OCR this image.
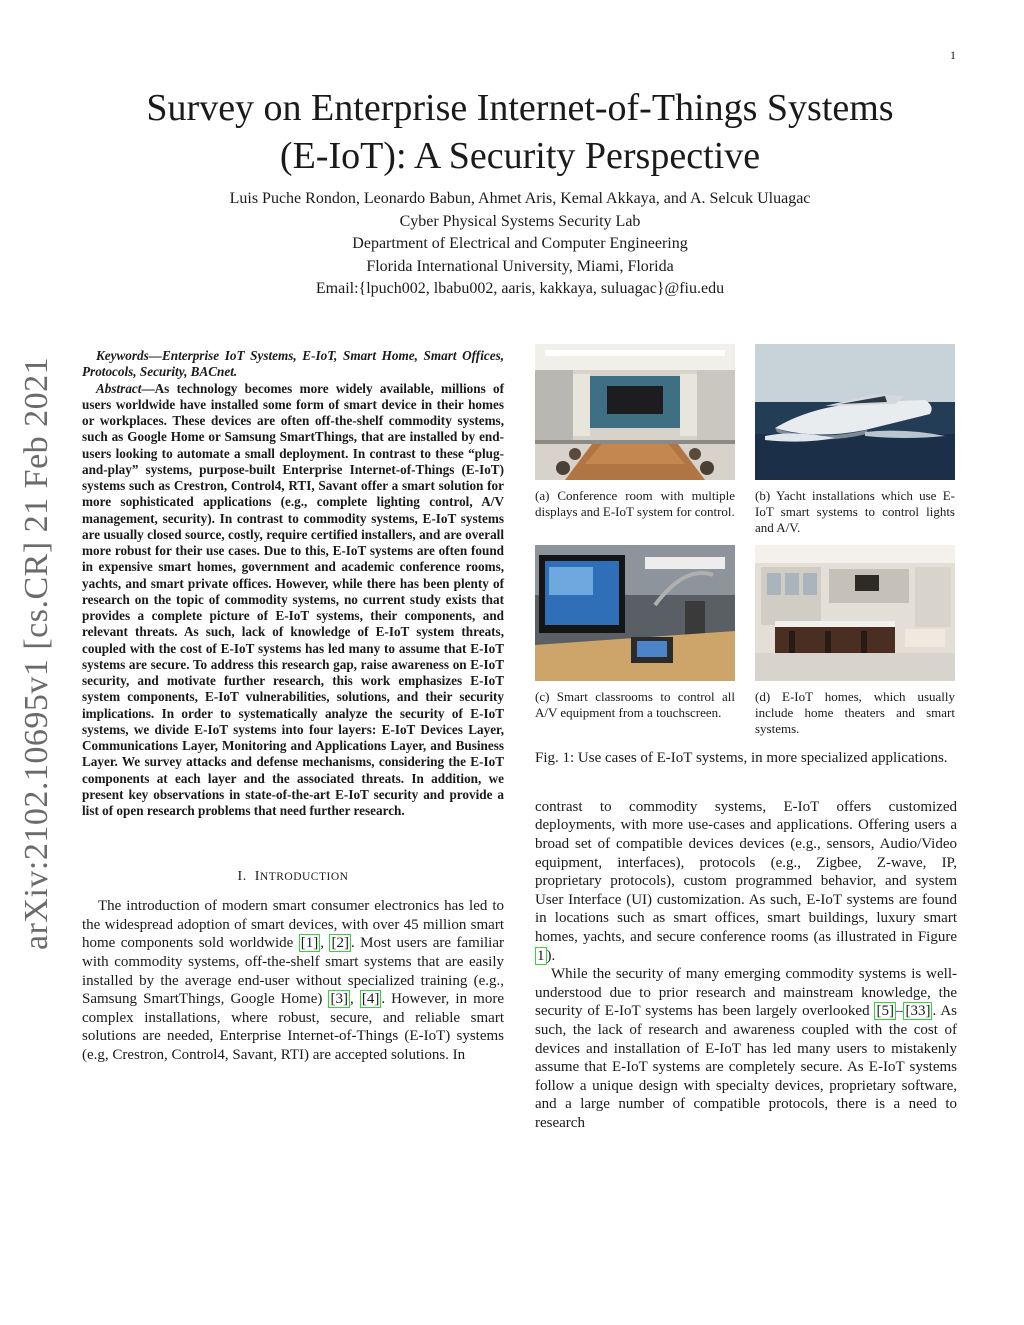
1
arXiv:2102.10695v1 [cs.CR] 21 Feb 2021
Survey on Enterprise Internet-of-Things Systems
(E-IoT): A Security Perspective
Luis Puche Rondon, Leonardo Babun, Ahmet Aris, Kemal Akkaya, and A. Selcuk Uluagac
Cyber Physical Systems Security Lab
Department of Electrical and Computer Engineering
Florida International University, Miami, Florida
Email:{lpuch002, lbabu002, aaris, kakkaya, suluagac}@fiu.edu

Keywords—Enterprise IoT Systems, E-IoT, Smart Home, Smart Offices, Protocols, Security, BACnet.

Abstract—As technology becomes more widely available, millions of users worldwide have installed some form of smart device in their homes or workplaces. These devices are often off-the-shelf commodity systems, such as Google Home or Samsung SmartThings, that are installed by end-users looking to automate a small deployment. In contrast to these “plug-and-play” systems, purpose-built Enterprise Internet-of-Things (E-IoT) systems such as Crestron, Control4, RTI, Savant offer a smart solution for more sophisticated applications (e.g., complete lighting control, A/V management, security). In contrast to commodity systems, E-IoT systems are usually closed source, costly, require certified installers, and are overall more robust for their use cases. Due to this, E-IoT systems are often found in expensive smart homes, government and academic conference rooms, yachts, and smart private offices. However, while there has been plenty of research on the topic of commodity systems, no current study exists that provides a complete picture of E-IoT systems, their components, and relevant threats. As such, lack of knowledge of E-IoT system threats, coupled with the cost of E-IoT systems has led many to assume that E-IoT systems are secure. To address this research gap, raise awareness on E-IoT security, and motivate further research, this work emphasizes E-IoT system components, E-IoT vulnerabilities, solutions, and their security implications. In order to systematically analyze the security of E-IoT systems, we divide E-IoT systems into four layers: E-IoT Devices Layer, Communications Layer, Monitoring and Applications Layer, and Business Layer. We survey attacks and defense mechanisms, considering the E-IoT components at each layer and the associated threats. In addition, we present key observations in state-of-the-art E-IoT security and provide a list of open research problems that need further research.

I. INTRODUCTION

The introduction of modern smart consumer electronics has led to the widespread adoption of smart devices, with over 45 million smart home components sold worldwide [1] , [2] . Most users are familiar with commodity systems, off-the-shelf smart systems that are easily installed by the average end-user without specialized training (e.g., Samsung SmartThings, Google Home) [3] , [4] . However, in more complex installations, where robust, secure, and reliable smart solutions are needed, Enterprise Internet-of-Things (E-IoT) systems (e.g, Crestron, Control4, Savant, RTI) are accepted solutions. In

(a) Conference room with multiple displays and E-IoT system for control.
(b) Yacht installations which use E-IoT smart systems to control lights and A/V.
(c) Smart classrooms to control all A/V equipment from a touchscreen.
(d) E-IoT homes, which usually include home theaters and smart systems.
Fig. 1: Use cases of E-IoT systems, in more specialized applications.

contrast to commodity systems, E-IoT offers customized deployments, with more use-cases and applications. Offering users a broad set of compatible devices devices (e.g., sensors, Audio/Video equipment, interfaces), protocols (e.g., Zigbee, Z-wave, IP, proprietary protocols), custom programmed behavior, and system User Interface (UI) customization. As such, E-IoT systems are found in locations such as smart offices, smart buildings, luxury smart homes, yachts, and secure conference rooms (as illustrated in Figure 1 ).

While the security of many emerging commodity systems is well-understood due to prior research and mainstream knowledge, the security of E-IoT systems has been largely overlooked [5] – [33] . As such, the lack of research and awareness coupled with the cost of devices and installation of E-IoT has led many users to mistakenly assume that E-IoT systems are completely secure. As E-IoT systems follow a unique design with specialty devices, proprietary software, and a large number of compatible protocols, there is a need to research
